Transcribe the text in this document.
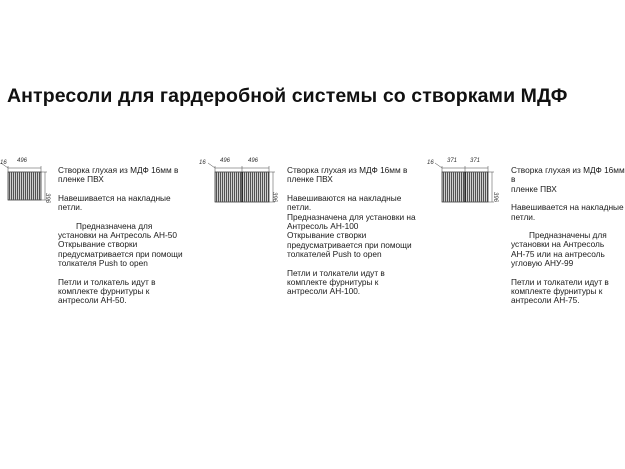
Антресоли для гардеробной системы со створками МДФ
16 496
396

Створка глухая из МДФ 16мм в
пленке ПВХ

Навешивается на накладные
петли.

Предназначена для
установки на Антресоль АН-50
Открывание створки
предусматривается при помощи
толкателя Push to open

Петли и толкатель идут в
комплекте фурнитуры к
антресоли АН-50.

16 496	496
396

Створка глухая из МДФ 16мм в
пленке ПВХ

Навешиваются на накладные
петли.
Предназначена для установки на
Антресоль АН-100
Открывание створки
предусматривается при помощи
толкателей Push to open

Петли и толкатели идут в
комплекте фурнитуры к
антресоли АН-100.

16 371 371
396

Створка глухая из МДФ 16мм в
пленке ПВХ

Навешивается на накладные
петли.

Предназначены для
установки на Антресоль
АН-75 или на антресоль
угловую АНУ-99

Петли и толкатели идут в
комплекте фурнитуры к
антресоли АН-75.
